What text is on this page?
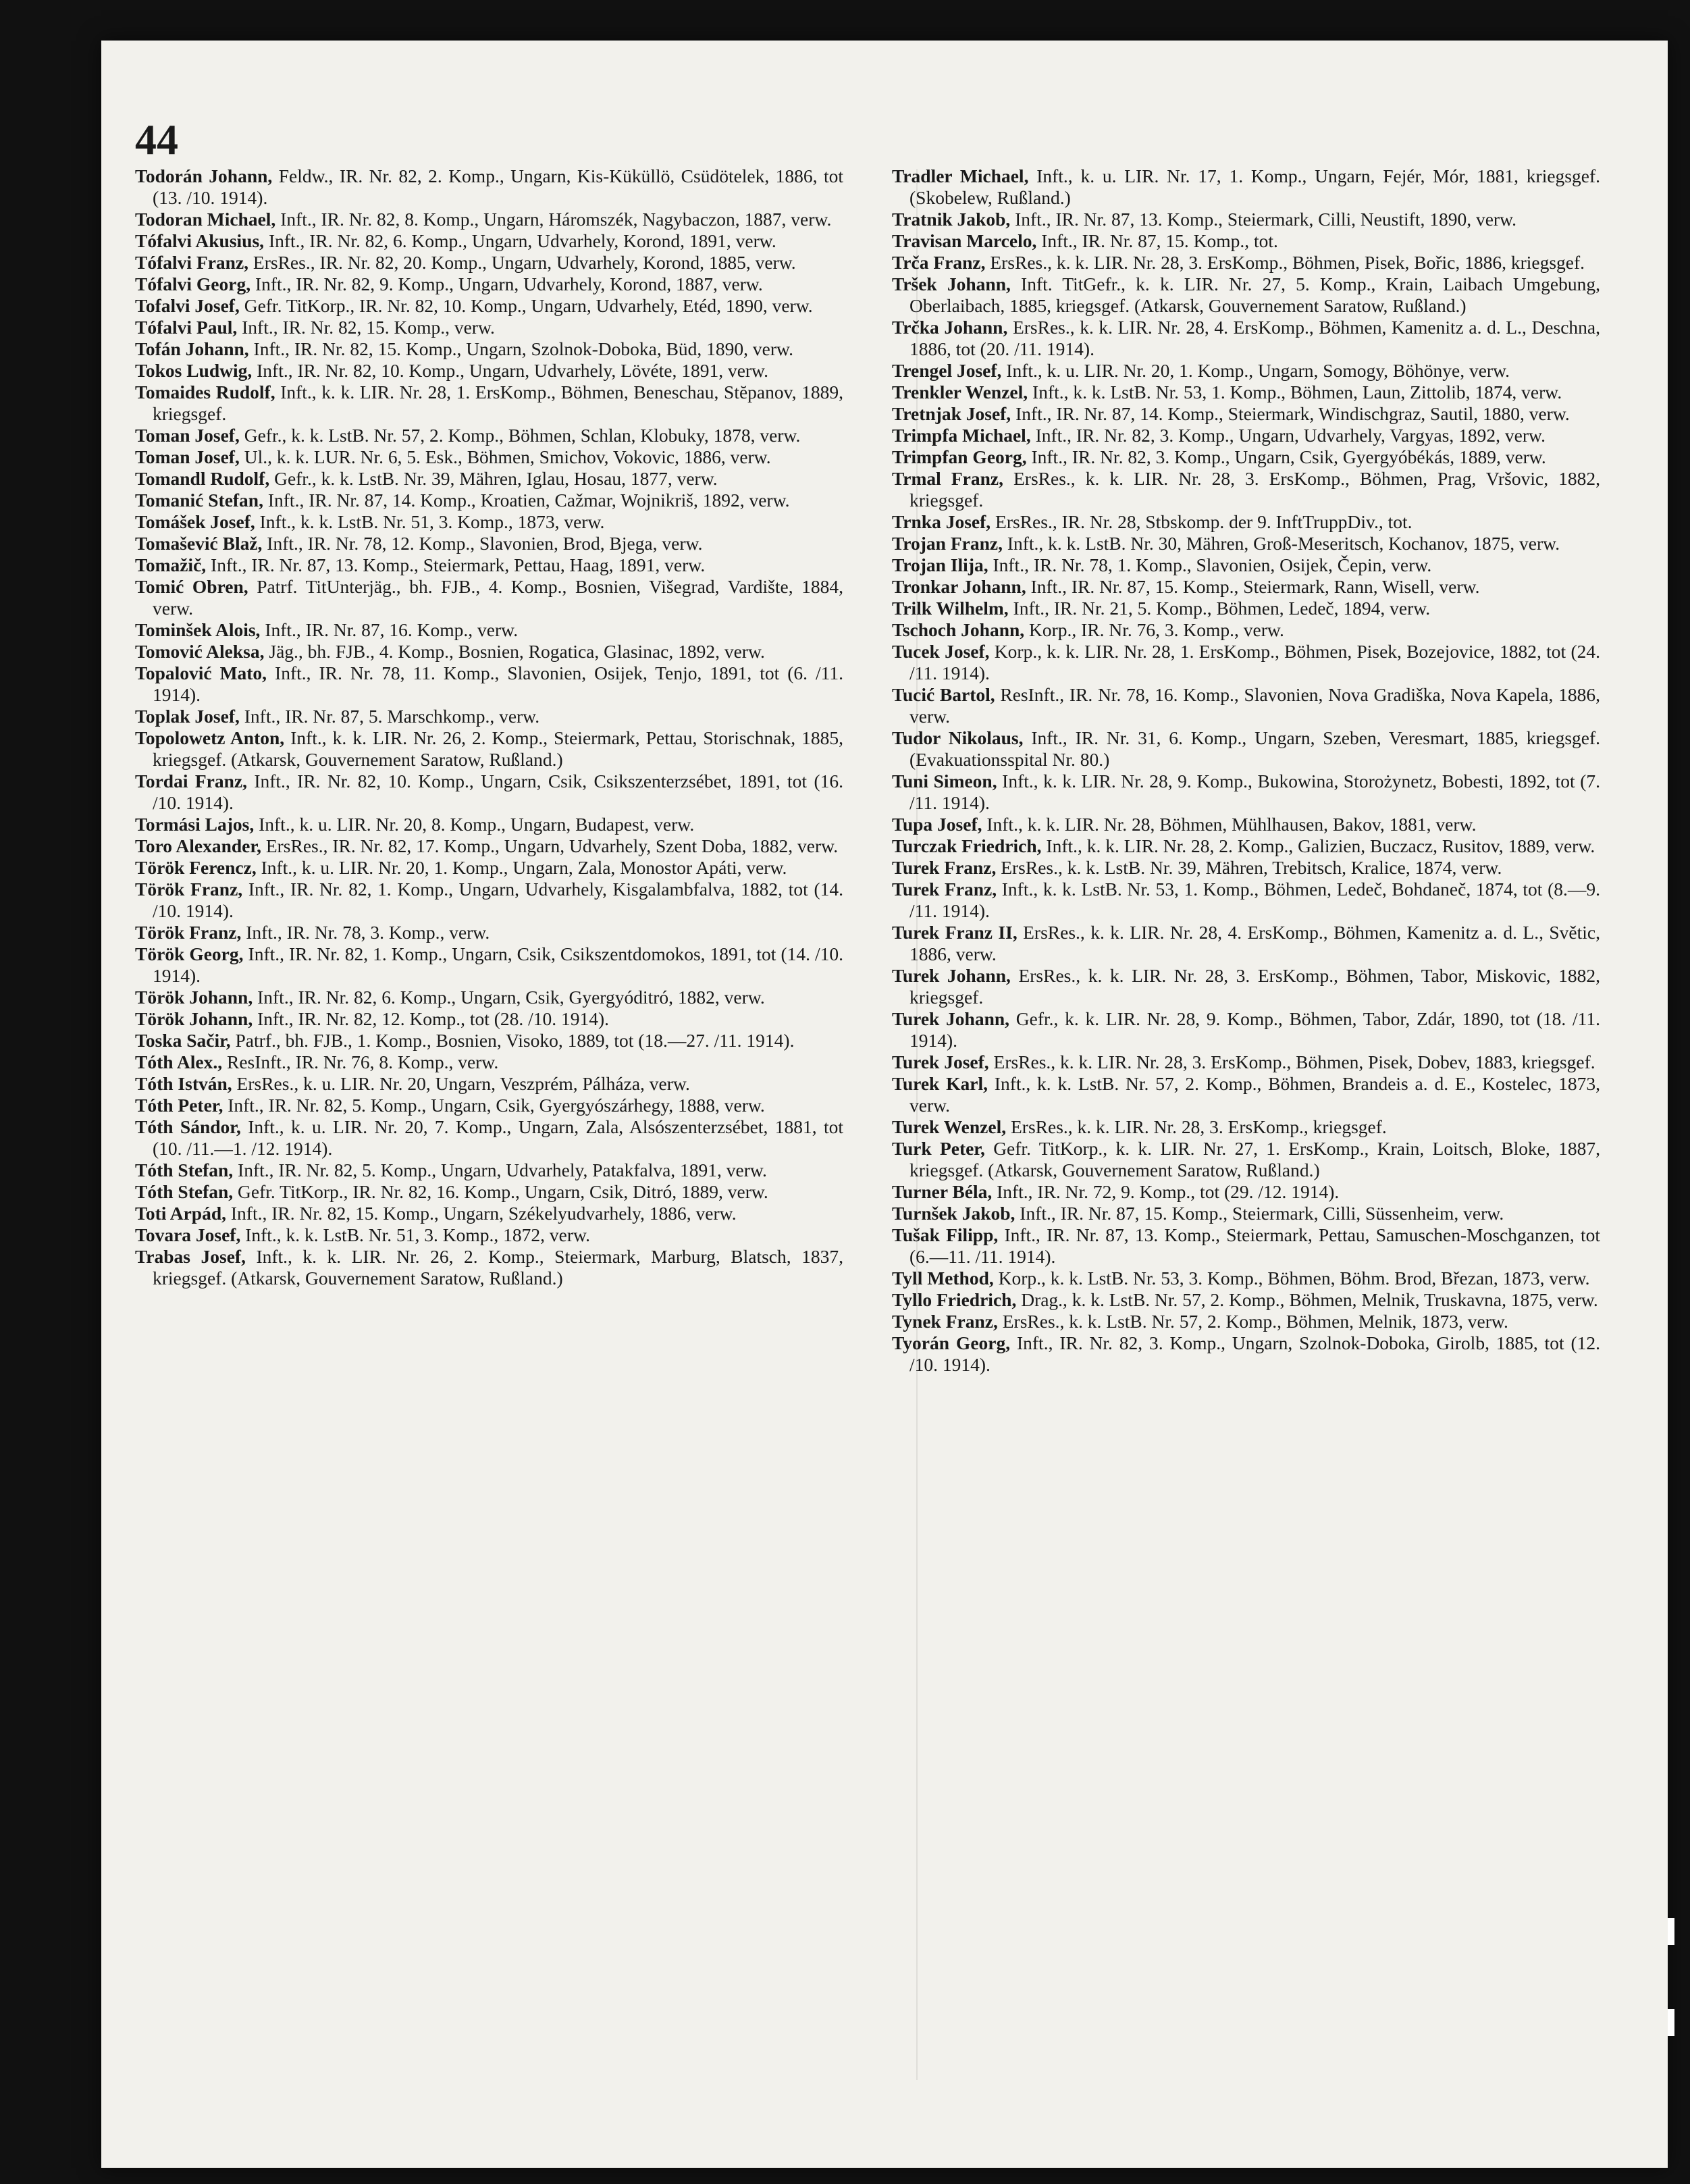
44

Todorán Johann, Feldw., IR. Nr. 82, 2. Komp., Ungarn, Kis-Küküllö, Csüdötelek, 1886, tot (13. /10. 1914).

Todoran Michael, Inft., IR. Nr. 82, 8. Komp., Ungarn, Háromszék, Nagybaczon, 1887, verw.

Tófalvi Akusius, Inft., IR. Nr. 82, 6. Komp., Ungarn, Udvarhely, Korond, 1891, verw.

Tófalvi Franz, ErsRes., IR. Nr. 82, 20. Komp., Ungarn, Udvarhely, Korond, 1885, verw.

Tófalvi Georg, Inft., IR. Nr. 82, 9. Komp., Ungarn, Udvarhely, Korond, 1887, verw.

Tofalvi Josef, Gefr. TitKorp., IR. Nr. 82, 10. Komp., Ungarn, Udvarhely, Etéd, 1890, verw.

Tófalvi Paul, Inft., IR. Nr. 82, 15. Komp., verw.

Tofán Johann, Inft., IR. Nr. 82, 15. Komp., Ungarn, Szolnok-Doboka, Büd, 1890, verw.

Tokos Ludwig, Inft., IR. Nr. 82, 10. Komp., Ungarn, Udvarhely, Lövéte, 1891, verw.

Tomaides Rudolf, Inft., k. k. LIR. Nr. 28, 1. ErsKomp., Böhmen, Beneschau, Stĕpanov, 1889, kriegsgef.

Toman Josef, Gefr., k. k. LstB. Nr. 57, 2. Komp., Böhmen, Schlan, Klobuky, 1878, verw.

Toman Josef, Ul., k. k. LUR. Nr. 6, 5. Esk., Böhmen, Smichov, Vokovic, 1886, verw.

Tomandl Rudolf, Gefr., k. k. LstB. Nr. 39, Mähren, Iglau, Hosau, 1877, verw.

Tomanić Stefan, Inft., IR. Nr. 87, 14. Komp., Kroatien, Cažmar, Wojnikriš, 1892, verw.

Tomášek Josef, Inft., k. k. LstB. Nr. 51, 3. Komp., 1873, verw.

Tomašević Blaž, Inft., IR. Nr. 78, 12. Komp., Slavonien, Brod, Bjega, verw.

Tomažič, Inft., IR. Nr. 87, 13. Komp., Steiermark, Pettau, Haag, 1891, verw.

Tomić Obren, Patrf. TitUnterjäg., bh. FJB., 4. Komp., Bosnien, Višegrad, Vardište, 1884, verw.

Tominšek Alois, Inft., IR. Nr. 87, 16. Komp., verw.

Tomović Aleksa, Jäg., bh. FJB., 4. Komp., Bosnien, Rogatica, Glasinac, 1892, verw.

Topalović Mato, Inft., IR. Nr. 78, 11. Komp., Slavonien, Osijek, Tenjo, 1891, tot (6. /11. 1914).

Toplak Josef, Inft., IR. Nr. 87, 5. Marschkomp., verw.

Topolowetz Anton, Inft., k. k. LIR. Nr. 26, 2. Komp., Steiermark, Pettau, Storischnak, 1885, kriegsgef. (Atkarsk, Gouvernement Saratow, Rußland.)

Tordai Franz, Inft., IR. Nr. 82, 10. Komp., Ungarn, Csik, Csikszenterzsébet, 1891, tot (16. /10. 1914).

Tormási Lajos, Inft., k. u. LIR. Nr. 20, 8. Komp., Ungarn, Budapest, verw.

Toro Alexander, ErsRes., IR. Nr. 82, 17. Komp., Ungarn, Udvarhely, Szent Doba, 1882, verw.

Török Ferencz, Inft., k. u. LIR. Nr. 20, 1. Komp., Ungarn, Zala, Monostor Apáti, verw.

Török Franz, Inft., IR. Nr. 82, 1. Komp., Ungarn, Udvarhely, Kisgalambfalva, 1882, tot (14. /10. 1914).

Török Franz, Inft., IR. Nr. 78, 3. Komp., verw.

Török Georg, Inft., IR. Nr. 82, 1. Komp., Ungarn, Csik, Csikszentdomokos, 1891, tot (14. /10. 1914).

Török Johann, Inft., IR. Nr. 82, 6. Komp., Ungarn, Csik, Gyergyóditró, 1882, verw.

Török Johann, Inft., IR. Nr. 82, 12. Komp., tot (28. /10. 1914).

Toska Sačir, Patrf., bh. FJB., 1. Komp., Bosnien, Visoko, 1889, tot (18.—27. /11. 1914).

Tóth Alex., ResInft., IR. Nr. 76, 8. Komp., verw.

Tóth István, ErsRes., k. u. LIR. Nr. 20, Ungarn, Veszprém, Pálháza, verw.

Tóth Peter, Inft., IR. Nr. 82, 5. Komp., Ungarn, Csik, Gyergyószárhegy, 1888, verw.

Tóth Sándor, Inft., k. u. LIR. Nr. 20, 7. Komp., Ungarn, Zala, Alsószenterzsébet, 1881, tot (10. /11.—1. /12. 1914).

Tóth Stefan, Inft., IR. Nr. 82, 5. Komp., Ungarn, Udvarhely, Patakfalva, 1891, verw.

Tóth Stefan, Gefr. TitKorp., IR. Nr. 82, 16. Komp., Ungarn, Csik, Ditró, 1889, verw.

Toti Arpád, Inft., IR. Nr. 82, 15. Komp., Ungarn, Székelyudvarhely, 1886, verw.

Tovara Josef, Inft., k. k. LstB. Nr. 51, 3. Komp., 1872, verw.

Trabas Josef, Inft., k. k. LIR. Nr. 26, 2. Komp., Steiermark, Marburg, Blatsch, 1837, kriegsgef. (Atkarsk, Gouvernement Saratow, Rußland.)

Tradler Michael, Inft., k. u. LIR. Nr. 17, 1. Komp., Ungarn, Fejér, Mór, 1881, kriegsgef. (Skobelew, Rußland.)

Tratnik Jakob, Inft., IR. Nr. 87, 13. Komp., Steiermark, Cilli, Neustift, 1890, verw.

Travisan Marcelo, Inft., IR. Nr. 87, 15. Komp., tot.

Trča Franz, ErsRes., k. k. LIR. Nr. 28, 3. ErsKomp., Böhmen, Pisek, Bořic, 1886, kriegsgef.

Tršek Johann, Inft. TitGefr., k. k. LIR. Nr. 27, 5. Komp., Krain, Laibach Umgebung, Oberlaibach, 1885, kriegsgef. (Atkarsk, Gouvernement Saratow, Rußland.)

Trčka Johann, ErsRes., k. k. LIR. Nr. 28, 4. ErsKomp., Böhmen, Kamenitz a. d. L., Deschna, 1886, tot (20. /11. 1914).

Trengel Josef, Inft., k. u. LIR. Nr. 20, 1. Komp., Ungarn, Somogy, Böhönye, verw.

Trenkler Wenzel, Inft., k. k. LstB. Nr. 53, 1. Komp., Böhmen, Laun, Zittolib, 1874, verw.

Tretnjak Josef, Inft., IR. Nr. 87, 14. Komp., Steiermark, Windischgraz, Sautil, 1880, verw.

Trimpfa Michael, Inft., IR. Nr. 82, 3. Komp., Ungarn, Udvarhely, Vargyas, 1892, verw.

Trimpfan Georg, Inft., IR. Nr. 82, 3. Komp., Ungarn, Csik, Gyergyóbékás, 1889, verw.

Trmal Franz, ErsRes., k. k. LIR. Nr. 28, 3. ErsKomp., Böhmen, Prag, Vršovic, 1882, kriegsgef.

Trnka Josef, ErsRes., IR. Nr. 28, Stbskomp. der 9. InftTruppDiv., tot.

Trojan Franz, Inft., k. k. LstB. Nr. 30, Mähren, Groß-Meseritsch, Kochanov, 1875, verw.

Trojan Ilija, Inft., IR. Nr. 78, 1. Komp., Slavonien, Osijek, Čepin, verw.

Tronkar Johann, Inft., IR. Nr. 87, 15. Komp., Steiermark, Rann, Wisell, verw.

Trilk Wilhelm, Inft., IR. Nr. 21, 5. Komp., Böhmen, Ledeč, 1894, verw.

Tschoch Johann, Korp., IR. Nr. 76, 3. Komp., verw.

Tucek Josef, Korp., k. k. LIR. Nr. 28, 1. ErsKomp., Böhmen, Pisek, Bozejovice, 1882, tot (24. /11. 1914).

Tucić Bartol, ResInft., IR. Nr. 78, 16. Komp., Slavonien, Nova Gradiška, Nova Kapela, 1886, verw.

Tudor Nikolaus, Inft., IR. Nr. 31, 6. Komp., Ungarn, Szeben, Veresmart, 1885, kriegsgef. (Evakuationsspital Nr. 80.)

Tuni Simeon, Inft., k. k. LIR. Nr. 28, 9. Komp., Bukowina, Storożynetz, Bobesti, 1892, tot (7. /11. 1914).

Tupa Josef, Inft., k. k. LIR. Nr. 28, Böhmen, Mühlhausen, Bakov, 1881, verw.

Turczak Friedrich, Inft., k. k. LIR. Nr. 28, 2. Komp., Galizien, Buczacz, Rusitov, 1889, verw.

Turek Franz, ErsRes., k. k. LstB. Nr. 39, Mähren, Trebitsch, Kralice, 1874, verw.

Turek Franz, Inft., k. k. LstB. Nr. 53, 1. Komp., Böhmen, Ledeč, Bohdaneč, 1874, tot (8.—9. /11. 1914).

Turek Franz II, ErsRes., k. k. LIR. Nr. 28, 4. ErsKomp., Böhmen, Kamenitz a. d. L., Světic, 1886, verw.

Turek Johann, ErsRes., k. k. LIR. Nr. 28, 3. ErsKomp., Böhmen, Tabor, Miskovic, 1882, kriegsgef.

Turek Johann, Gefr., k. k. LIR. Nr. 28, 9. Komp., Böhmen, Tabor, Zdár, 1890, tot (18. /11. 1914).

Turek Josef, ErsRes., k. k. LIR. Nr. 28, 3. ErsKomp., Böhmen, Pisek, Dobev, 1883, kriegsgef.

Turek Karl, Inft., k. k. LstB. Nr. 57, 2. Komp., Böhmen, Brandeis a. d. E., Kostelec, 1873, verw.

Turek Wenzel, ErsRes., k. k. LIR. Nr. 28, 3. ErsKomp., kriegsgef.

Turk Peter, Gefr. TitKorp., k. k. LIR. Nr. 27, 1. ErsKomp., Krain, Loitsch, Bloke, 1887, kriegsgef. (Atkarsk, Gouvernement Saratow, Rußland.)

Turner Béla, Inft., IR. Nr. 72, 9. Komp., tot (29. /12. 1914).

Turnšek Jakob, Inft., IR. Nr. 87, 15. Komp., Steiermark, Cilli, Süssenheim, verw.

Tušak Filipp, Inft., IR. Nr. 87, 13. Komp., Steiermark, Pettau, Samuschen-Moschganzen, tot (6.—11. /11. 1914).

Tyll Method, Korp., k. k. LstB. Nr. 53, 3. Komp., Böhmen, Böhm. Brod, Březan, 1873, verw.

Tyllo Friedrich, Drag., k. k. LstB. Nr. 57, 2. Komp., Böhmen, Melnik, Truskavna, 1875, verw.

Tynek Franz, ErsRes., k. k. LstB. Nr. 57, 2. Komp., Böhmen, Melnik, 1873, verw.

Tyorán Georg, Inft., IR. Nr. 82, 3. Komp., Ungarn, Szolnok-Doboka, Girolb, 1885, tot (12. /10. 1914).
